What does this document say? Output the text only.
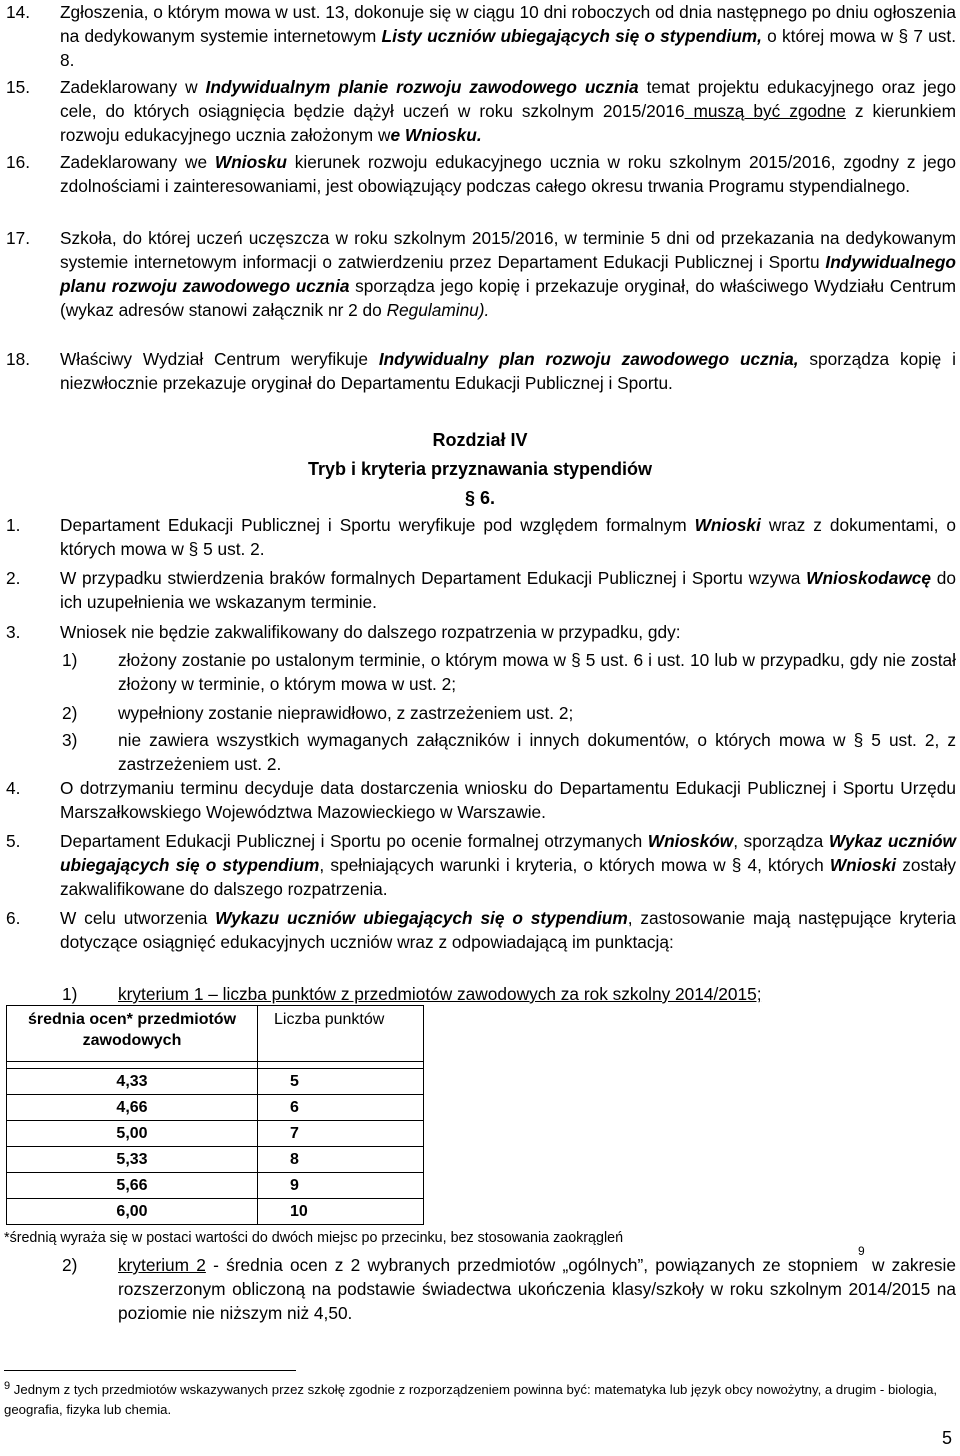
14. Zgłoszenia, o którym mowa w ust. 13, dokonuje się w ciągu 10 dni roboczych od dnia następnego po dniu ogłoszenia na dedykowanym systemie internetowym Listy uczniów ubiegających się o stypendium, o której mowa w § 7 ust. 8.
15. Zadeklarowany w Indywidualnym planie rozwoju zawodowego ucznia temat projektu edukacyjnego oraz jego cele, do których osiągnięcia będzie dążył uczeń w roku szkolnym 2015/2016 muszą być zgodne z kierunkiem rozwoju edukacyjnego ucznia założonym we Wniosku.
16. Zadeklarowany we Wniosku kierunek rozwoju edukacyjnego ucznia w roku szkolnym 2015/2016, zgodny z jego zdolnościami i zainteresowaniami, jest obowiązujący podczas całego okresu trwania Programu stypendialnego.
17. Szkoła, do której uczeń uczęszcza w roku szkolnym 2015/2016, w terminie 5 dni od przekazania na dedykowanym systemie internetowym informacji o zatwierdzeniu przez Departament Edukacji Publicznej i Sportu Indywidualnego planu rozwoju zawodowego ucznia sporządza jego kopię i przekazuje oryginał, do właściwego Wydziału Centrum (wykaz adresów stanowi załącznik nr 2 do Regulaminu).
18. Właściwy Wydział Centrum weryfikuje Indywidualny plan rozwoju zawodowego ucznia, sporządza kopię i niezwłocznie przekazuje oryginał do Departamentu Edukacji Publicznej i Sportu.
Rozdział IV
Tryb i kryteria przyznawania stypendiów
§ 6.
1. Departament Edukacji Publicznej i Sportu weryfikuje pod względem formalnym Wnioski wraz z dokumentami, o których mowa w § 5 ust. 2.
2. W przypadku stwierdzenia braków formalnych Departament Edukacji Publicznej i Sportu wzywa Wnioskodawcę do ich uzupełnienia we wskazanym terminie.
3. Wniosek nie będzie zakwalifikowany do dalszego rozpatrzenia w przypadku, gdy:
1) złożony zostanie po ustalonym terminie, o którym mowa w § 5 ust. 6 i ust. 10 lub w przypadku, gdy nie został złożony w terminie, o którym mowa w ust. 2;
2) wypełniony zostanie nieprawidłowo, z zastrzeżeniem ust. 2;
3) nie zawiera wszystkich wymaganych załączników i innych dokumentów, o których mowa w § 5 ust. 2, z zastrzeżeniem ust. 2.
4. O dotrzymaniu terminu decyduje data dostarczenia wniosku do Departamentu Edukacji Publicznej i Sportu Urzędu Marszałkowskiego Województwa Mazowieckiego w Warszawie.
5. Departament Edukacji Publicznej i Sportu po ocenie formalnej otrzymanych Wniosków, sporządza Wykaz uczniów ubiegających się o stypendium, spełniających warunki i kryteria, o których mowa w § 4, których Wnioski zostały zakwalifikowane do dalszego rozpatrzenia.
6. W celu utworzenia Wykazu uczniów ubiegających się o stypendium, zastosowanie mają następujące kryteria dotyczące osiągnięć edukacyjnych uczniów wraz z odpowiadającą im punktacją:
1) kryterium 1 – liczba punktów z przedmiotów zawodowych za rok szkolny 2014/2015;
średnia ocen* przedmiotów zawodowych	Liczba punktów

4,33	5
4,66	6
5,00	7
5,33	8
5,66	9
6,00	10
*średnią wyraża się w postaci wartości do dwóch miejsc po przecinku, bez stosowania zaokrągleń
2) kryterium 2 - średnia ocen z 2 wybranych przedmiotów „ogólnych”, powiązanych ze stopniem$^9$ w zakresie rozszerzonym obliczoną na podstawie świadectwa ukończenia klasy/szkoły w roku szkolnym 2014/2015 na poziomie nie niższym niż 4,50.
$^9$ Jednym z tych przedmiotów wskazywanych przez szkołę zgodnie z rozporządzeniem powinna być: matematyka lub język obcy nowożytny, a drugim - biologia, geografia, fizyka lub chemia.
5
